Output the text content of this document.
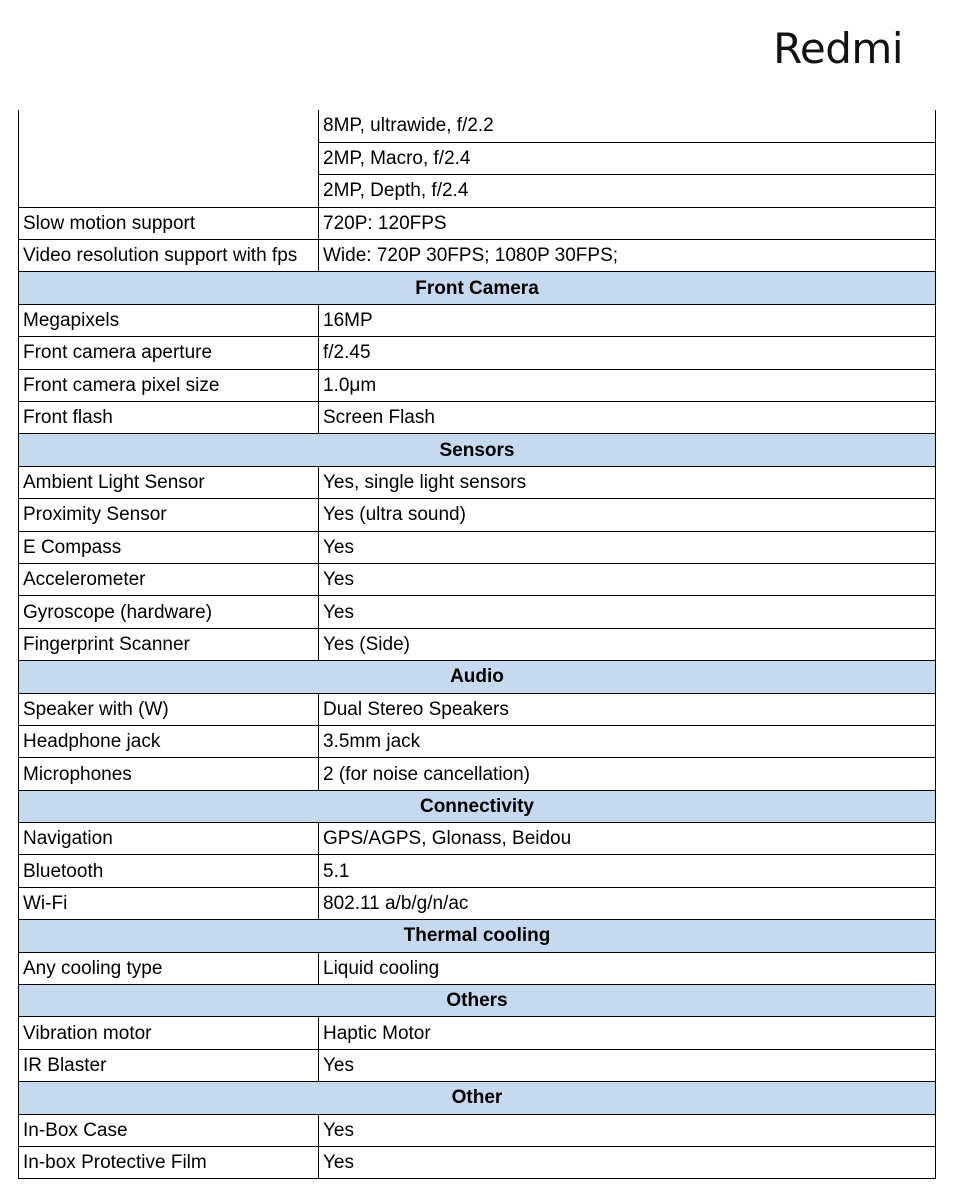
Redmi
	8MP, ultrawide, f/2.2
	2MP, Macro, f/2.4
	2MP, Depth, f/2.4
Slow motion support	720P: 120FPS
Video resolution support with fps	Wide: 720P 30FPS; 1080P 30FPS;
Front Camera	
Megapixels	16MP
Front camera aperture	f/2.45
Front camera pixel size	1.0μm
Front flash	Screen Flash
Sensors	
Ambient Light Sensor	Yes, single light sensors
Proximity Sensor	Yes (ultra sound)
E Compass	Yes
Accelerometer	Yes
Gyroscope (hardware)	Yes
Fingerprint Scanner	Yes (Side)
Audio	
Speaker with (W)	Dual Stereo Speakers
Headphone jack	3.5mm jack
Microphones	2 (for noise cancellation)
Connectivity	
Navigation	GPS/AGPS, Glonass, Beidou
Bluetooth	5.1
Wi-Fi	802.11 a/b/g/n/ac
Thermal cooling	
Any cooling type	Liquid cooling
Others	
Vibration motor	Haptic Motor
IR Blaster	Yes
Other	
In-Box Case	Yes
In-box Protective Film	Yes
